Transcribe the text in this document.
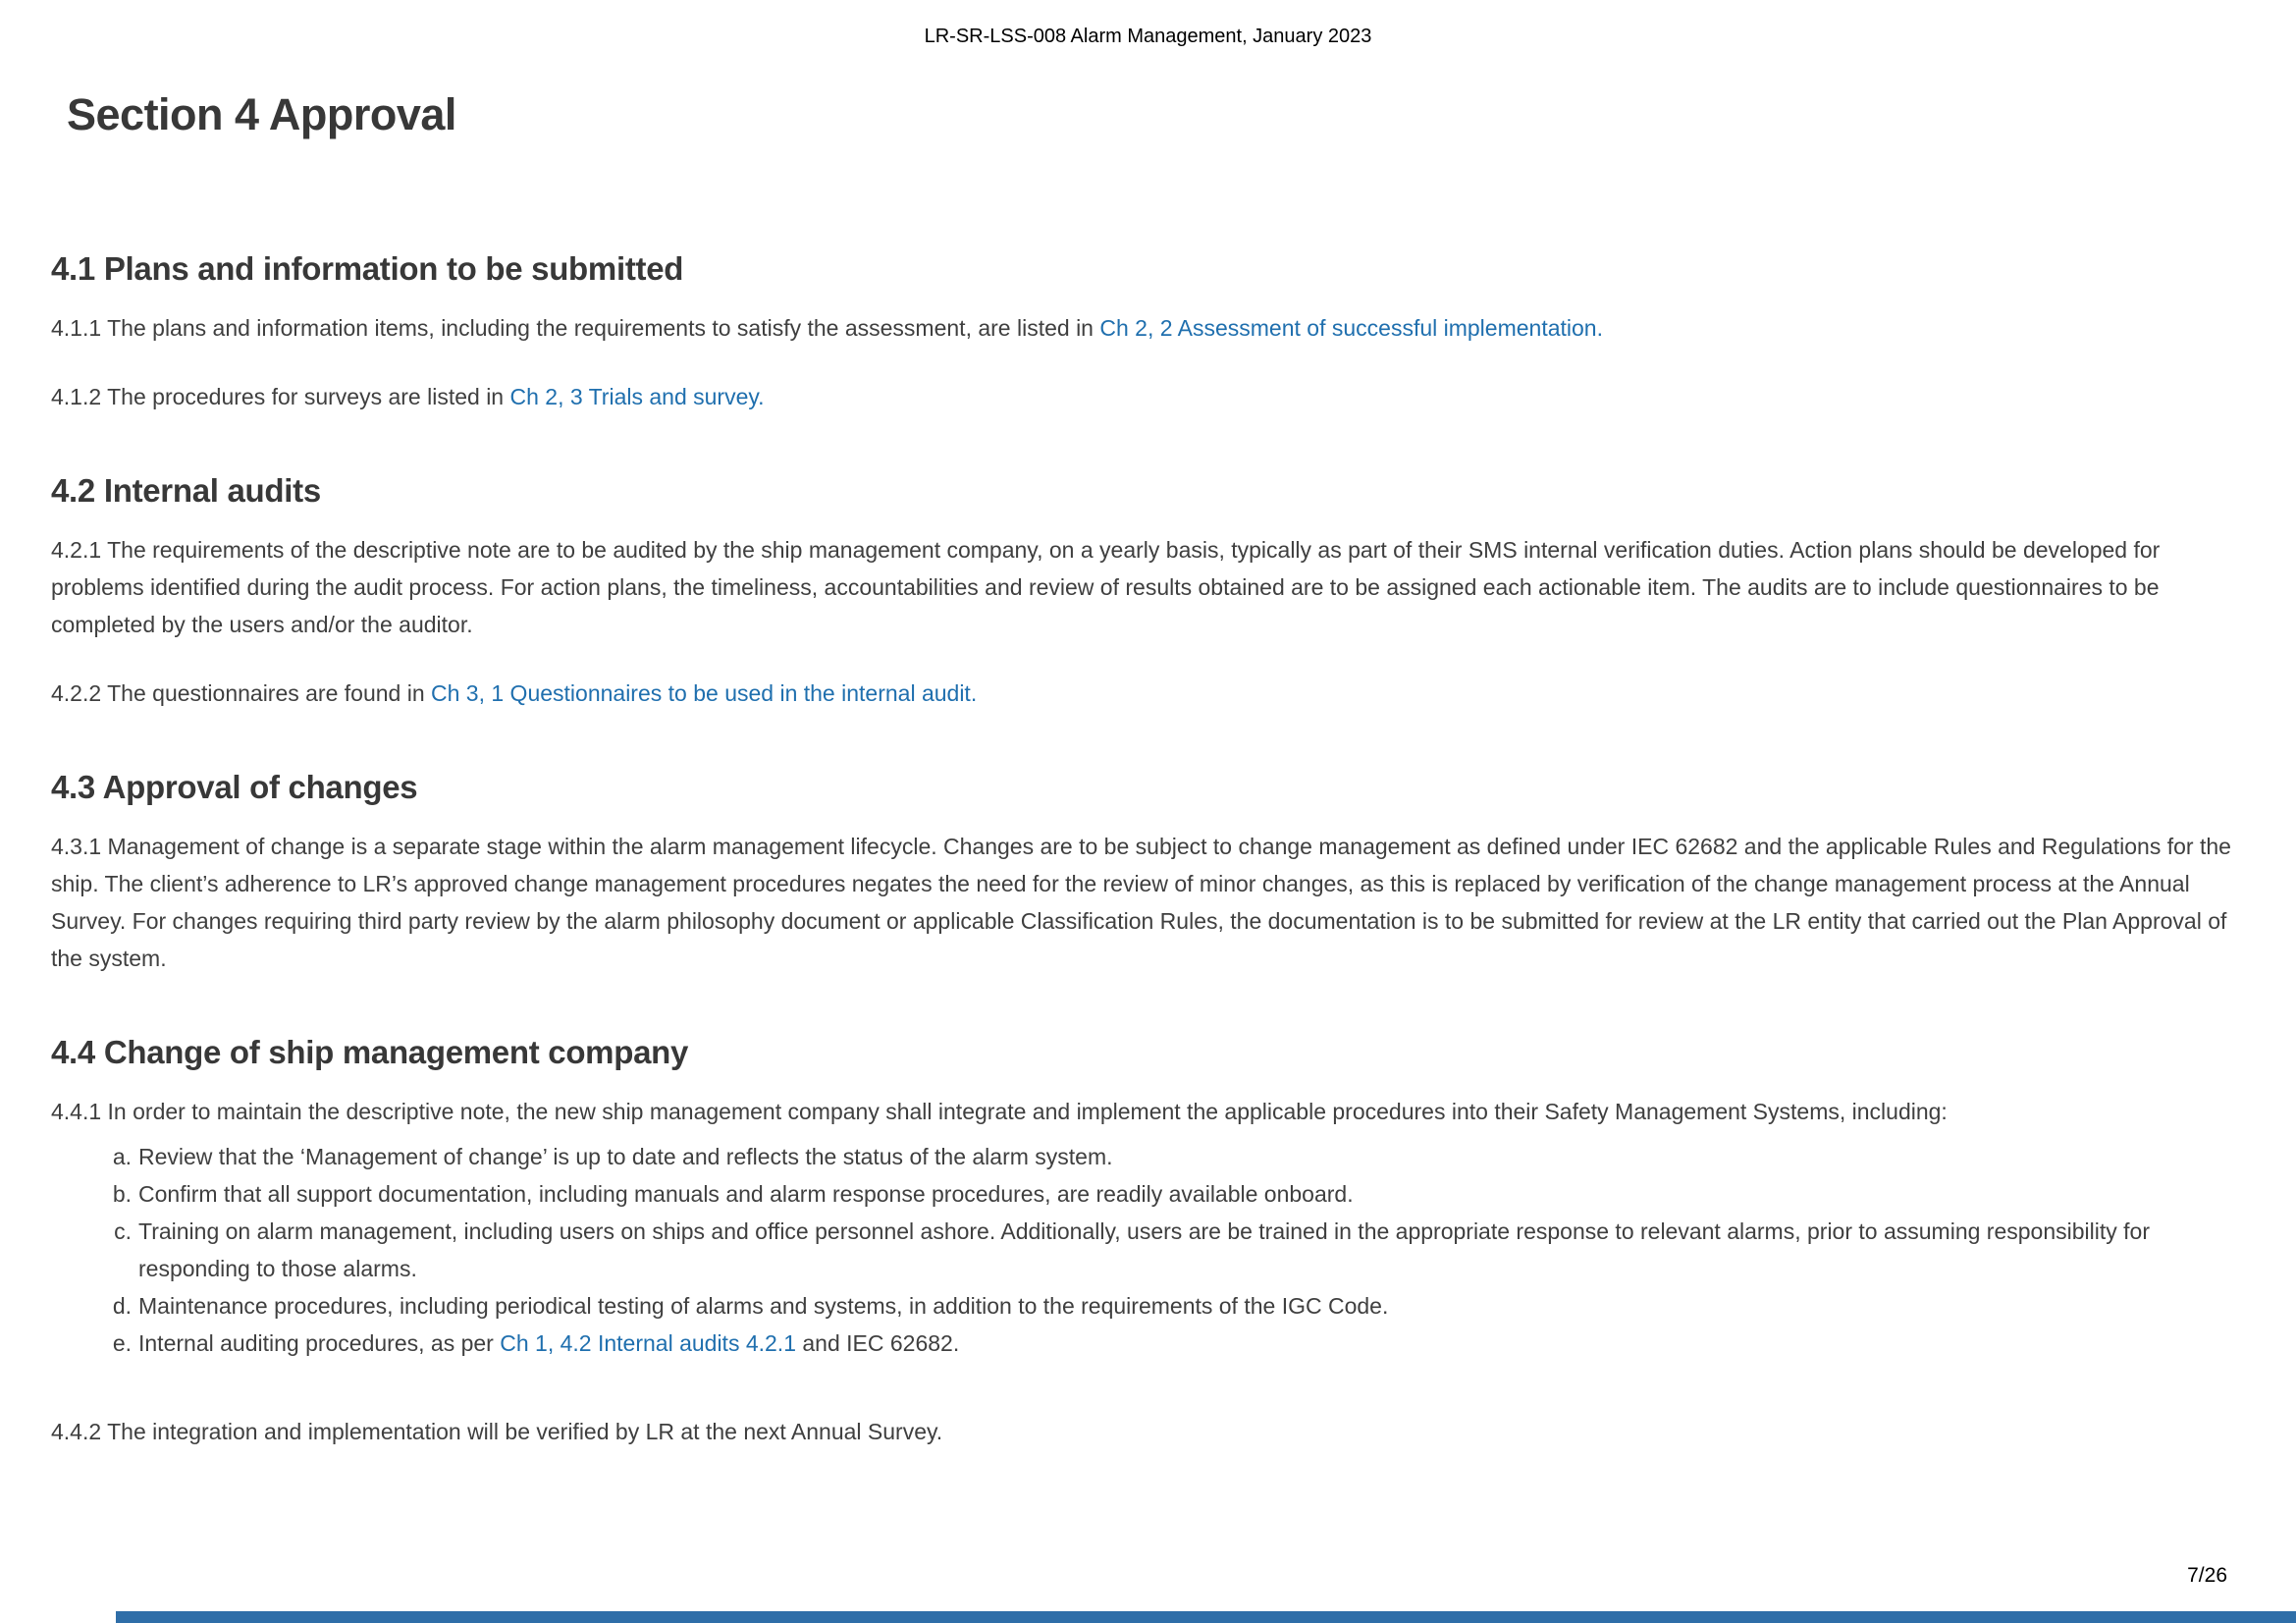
LR-SR-LSS-008 Alarm Management, January 2023
Section 4 Approval
4.1 Plans and information to be submitted

4.1.1 The plans and information items, including the requirements to satisfy the assessment, are listed in Ch 2, 2 Assessment of successful implementation.

4.1.2 The procedures for surveys are listed in Ch 2, 3 Trials and survey.

4.2 Internal audits

4.2.1 The requirements of the descriptive note are to be audited by the ship management company, on a yearly basis, typically as part of their SMS internal verification duties. Action plans should be developed for problems identified during the audit process. For action plans, the timeliness, accountabilities and review of results obtained are to be assigned each actionable item. The audits are to include questionnaires to be completed by the users and/or the auditor.

4.2.2 The questionnaires are found in Ch 3, 1 Questionnaires to be used in the internal audit.

4.3 Approval of changes

4.3.1 Management of change is a separate stage within the alarm management lifecycle. Changes are to be subject to change management as defined under IEC 62682 and the applicable Rules and Regulations for the ship. The client’s adherence to LR’s approved change management procedures negates the need for the review of minor changes, as this is replaced by verification of the change management process at the Annual Survey. For changes requiring third party review by the alarm philosophy document or applicable Classification Rules, the documentation is to be submitted for review at the LR entity that carried out the Plan Approval of the system.

4.4 Change of ship management company

4.4.1 In order to maintain the descriptive note, the new ship management company shall integrate and implement the applicable procedures into their Safety Management Systems, including:

a. Review that the ‘Management of change’ is up to date and reflects the status of the alarm system.
b. Confirm that all support documentation, including manuals and alarm response procedures, are readily available onboard.
c. Training on alarm management, including users on ships and office personnel ashore. Additionally, users are be trained in the appropriate response to relevant alarms, prior to assuming responsibility for responding to those alarms.
d. Maintenance procedures, including periodical testing of alarms and systems, in addition to the requirements of the IGC Code.
e. Internal auditing procedures, as per Ch 1, 4.2 Internal audits 4.2.1 and IEC 62682.

4.4.2 The integration and implementation will be verified by LR at the next Annual Survey.

7/26
